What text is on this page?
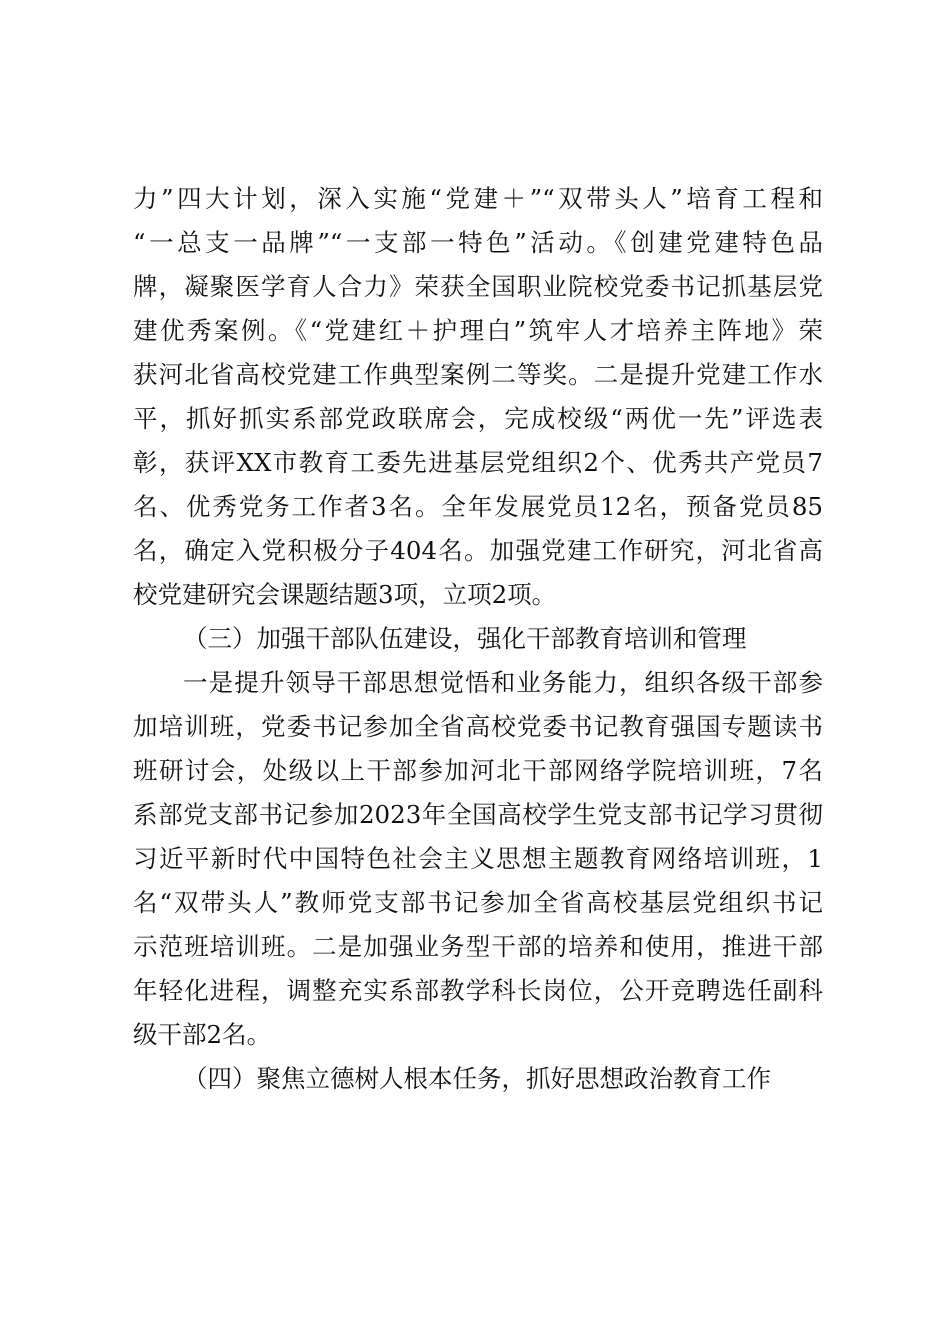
力”四大计划，深入实施“党建＋”“双带头人”培育工程和
“一总支一品牌”“一支部一特色”活动。《创建党建特色品
牌，凝聚医学育人合力》荣获全国职业院校党委书记抓基层党
建优秀案例。《“党建红＋护理白”筑牢人才培养主阵地》荣
获河北省高校党建工作典型案例二等奖。二是提升党建工作水
平，抓好抓实系部党政联席会，完成校级“两优一先”评选表
彰，获评XX市教育工委先进基层党组织2个、优秀共产党员7
名、优秀党务工作者3名。全年发展党员12名，预备党员85
名，确定入党积极分子404名。加强党建工作研究，河北省高
校党建研究会课题结题3项，立项2项。
（三）加强干部队伍建设，强化干部教育培训和管理
一是提升领导干部思想觉悟和业务能力，组织各级干部参
加培训班，党委书记参加全省高校党委书记教育强国专题读书
班研讨会，处级以上干部参加河北干部网络学院培训班，7名
系部党支部书记参加2023年全国高校学生党支部书记学习贯彻
习近平新时代中国特色社会主义思想主题教育网络培训班，1
名“双带头人”教师党支部书记参加全省高校基层党组织书记
示范班培训班。二是加强业务型干部的培养和使用，推进干部
年轻化进程，调整充实系部教学科长岗位，公开竞聘选任副科
级干部2名。
（四）聚焦立德树人根本任务，抓好思想政治教育工作
